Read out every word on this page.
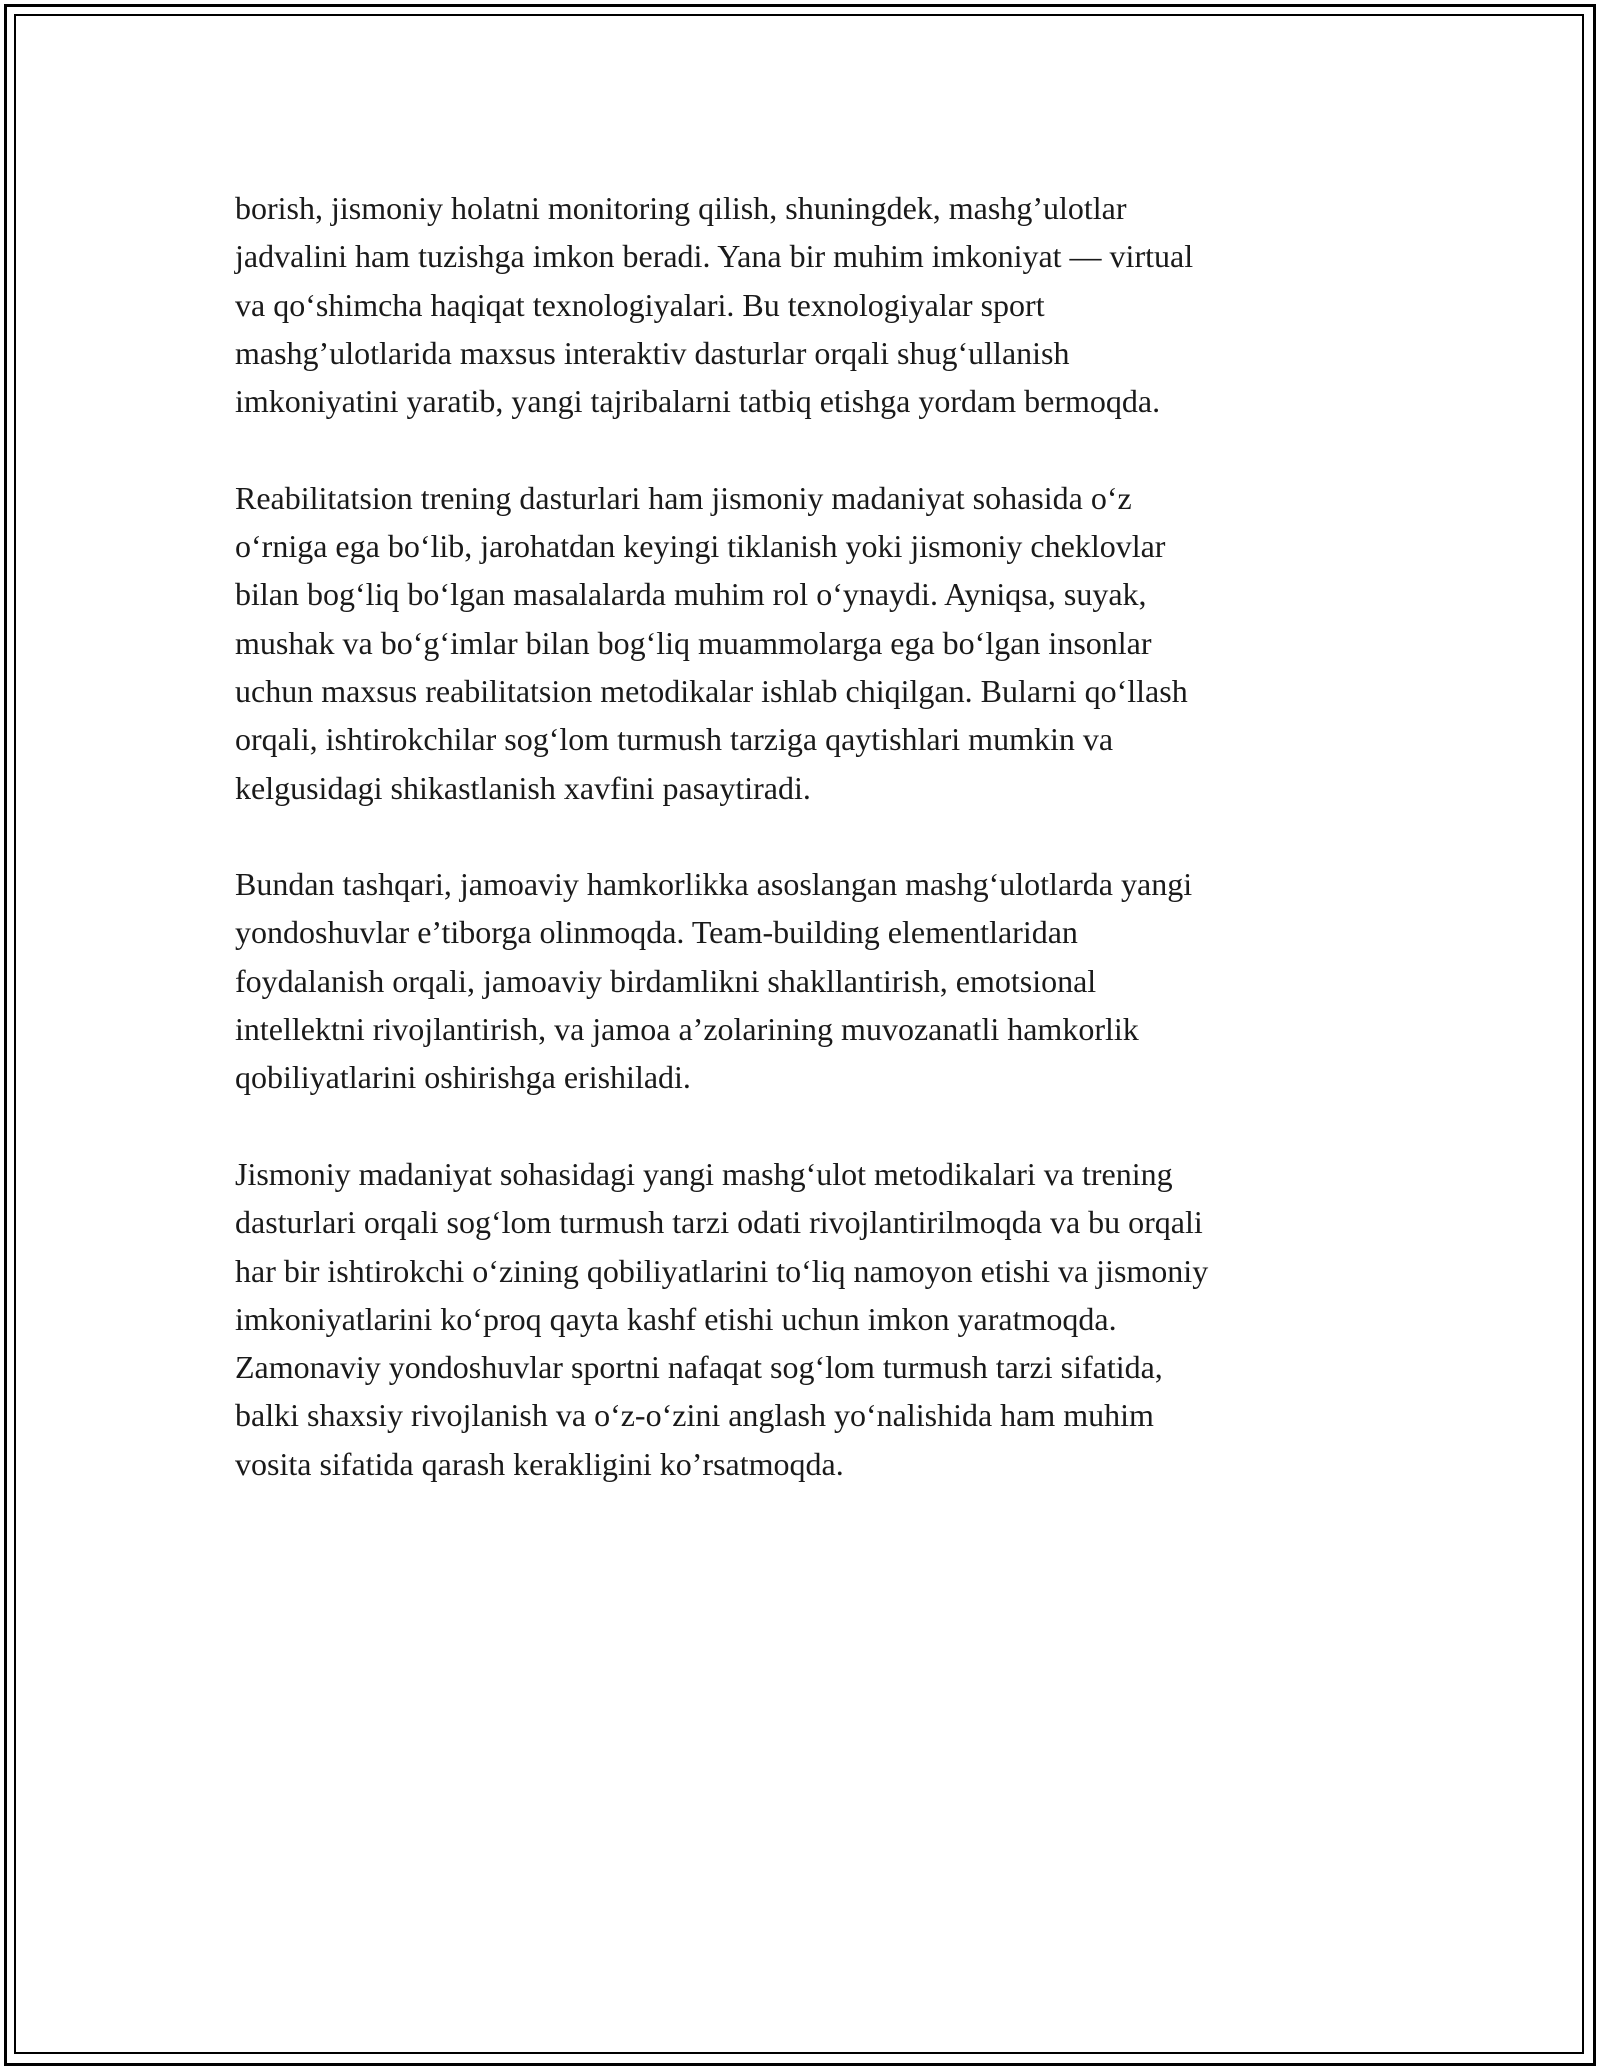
borish, jismoniy holatni monitoring qilish, shuningdek, mashg’ulotlar
jadvalini ham tuzishga imkon beradi. Yana bir muhim imkoniyat — virtual
va qo‘shimcha haqiqat texnologiyalari. Bu texnologiyalar sport
mashg’ulotlarida maxsus interaktiv dasturlar orqali shug‘ullanish
imkoniyatini yaratib, yangi tajribalarni tatbiq etishga yordam bermoqda.

Reabilitatsion trening dasturlari ham jismoniy madaniyat sohasida o‘z
o‘rniga ega bo‘lib, jarohatdan keyingi tiklanish yoki jismoniy cheklovlar
bilan bog‘liq bo‘lgan masalalarda muhim rol o‘ynaydi. Ayniqsa, suyak,
mushak va bo‘g‘imlar bilan bog‘liq muammolarga ega bo‘lgan insonlar
uchun maxsus reabilitatsion metodikalar ishlab chiqilgan. Bularni qo‘llash
orqali, ishtirokchilar sog‘lom turmush tarziga qaytishlari mumkin va
kelgusidagi shikastlanish xavfini pasaytiradi.

Bundan tashqari, jamoaviy hamkorlikka asoslangan mashg‘ulotlarda yangi
yondoshuvlar e’tiborga olinmoqda. Team-building elementlaridan
foydalanish orqali, jamoaviy birdamlikni shakllantirish, emotsional
intellektni rivojlantirish, va jamoa a’zolarining muvozanatli hamkorlik
qobiliyatlarini oshirishga erishiladi.

Jismoniy madaniyat sohasidagi yangi mashg‘ulot metodikalari va trening
dasturlari orqali sog‘lom turmush tarzi odati rivojlantirilmoqda va bu orqali
har bir ishtirokchi o‘zining qobiliyatlarini to‘liq namoyon etishi va jismoniy
imkoniyatlarini ko‘proq qayta kashf etishi uchun imkon yaratmoqda.
Zamonaviy yondoshuvlar sportni nafaqat sog‘lom turmush tarzi sifatida,
balki shaxsiy rivojlanish va o‘z-o‘zini anglash yo‘nalishida ham muhim
vosita sifatida qarash kerakligini ko’rsatmoqda.
